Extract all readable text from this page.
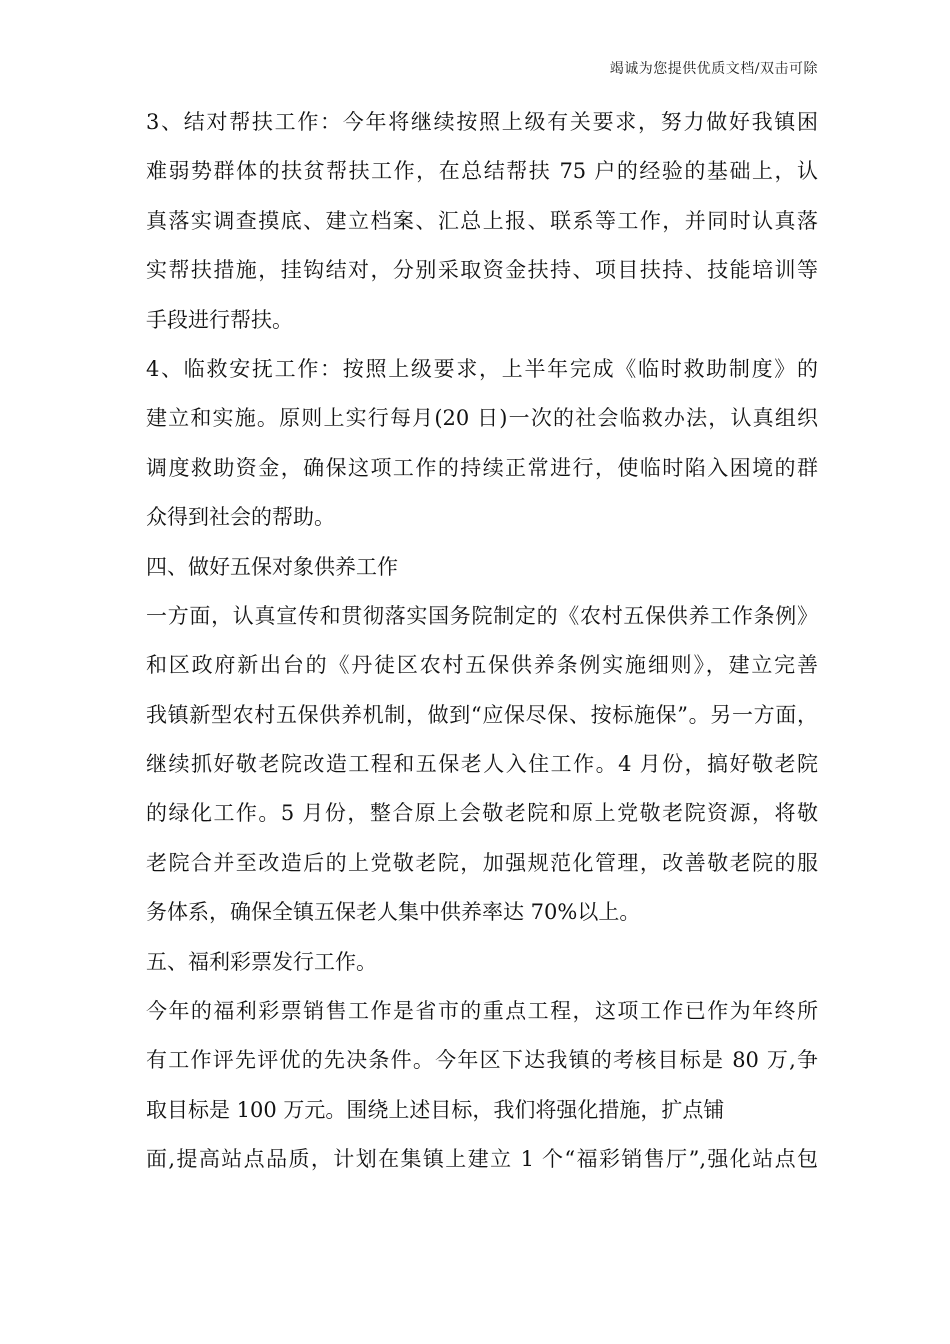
竭诚为您提供优质文档/双击可除
3、结对帮扶工作：今年将继续按照上级有关要求，努力做好我镇困
难弱势群体的扶贫帮扶工作，在总结帮扶 75 户的经验的基础上，认
真落实调查摸底、建立档案、汇总上报、联系等工作，并同时认真落
实帮扶措施，挂钩结对，分别采取资金扶持、项目扶持、技能培训等
手段进行帮扶。
4、临救安抚工作：按照上级要求，上半年完成《临时救助制度》的
建立和实施。原则上实行每月(20 日)一次的社会临救办法，认真组织
调度救助资金，确保这项工作的持续正常进行，使临时陷入困境的群
众得到社会的帮助。
四、做好五保对象供养工作
一方面，认真宣传和贯彻落实国务院制定的《农村五保供养工作条例》
和区政府新出台的《丹徒区农村五保供养条例实施细则》，建立完善
我镇新型农村五保供养机制，做到“应保尽保、按标施保”。另一方面，
继续抓好敬老院改造工程和五保老人入住工作。4 月份，搞好敬老院
的绿化工作。5 月份，整合原上会敬老院和原上党敬老院资源，将敬
老院合并至改造后的上党敬老院，加强规范化管理，改善敬老院的服
务体系，确保全镇五保老人集中供养率达 70%以上。
五、福利彩票发行工作。
今年的福利彩票销售工作是省市的重点工程，这项工作已作为年终所
有工作评先评优的先决条件。今年区下达我镇的考核目标是 80 万,争
取目标是 100 万元。围绕上述目标，我们将强化措施，扩点铺
面,提高站点品质，计划在集镇上建立 1 个“福彩销售厅”,强化站点包
